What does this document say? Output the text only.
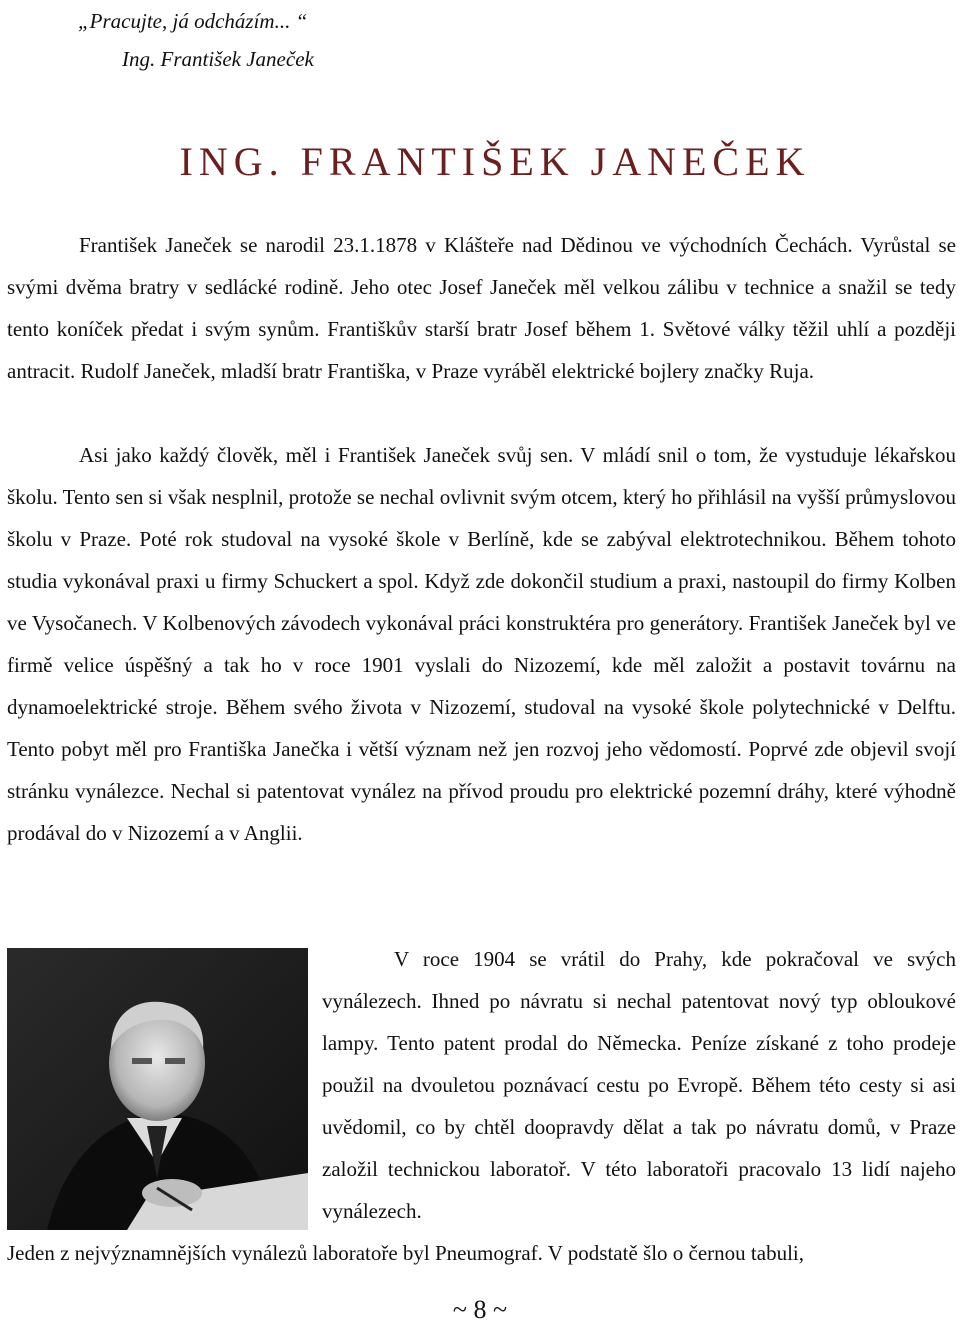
„Pracujte, já odcházím... “
Ing. František Janeček
ING. FRANTIŠEK JANEČEK
František Janeček se narodil 23.1.1878 v Klášteře nad Dědinou ve východních Čechách. Vyrůstal se svými dvěma bratry v sedlácké rodině. Jeho otec Josef Janeček měl velkou zálibu v technice a snažil se tedy tento koníček předat i svým synům. Františkův starší bratr Josef během 1. Světové války těžil uhlí a později antracit. Rudolf Janeček, mladší bratr Františka, v Praze vyráběl elektrické bojlery značky Ruja.
Asi jako každý člověk, měl i František Janeček svůj sen. V mládí snil o tom, že vystuduje lékařskou školu. Tento sen si však nesplnil, protože se nechal ovlivnit svým otcem, který ho přihlásil na vyšší průmyslovou školu v Praze. Poté rok studoval na vysoké škole v Berlíně, kde se zabýval elektrotechnikou. Během tohoto studia vykonával praxi u firmy Schuckert a spol. Když zde dokončil studium a praxi, nastoupil do firmy Kolben ve Vysočanech. V Kolbenových závodech vykonával práci konstruktéra pro generátory. František Janeček byl ve firmě velice úspěšný a tak ho v roce 1901 vyslali do Nizozemí, kde měl založit a postavit továrnu na dynamoelektrické stroje. Během svého života v Nizozemí, studoval na vysoké škole polytechnické v Delftu. Tento pobyt měl pro Františka Janečka i větší význam než jen rozvoj jeho vědomostí. Poprvé zde objevil svojí stránku vynálezce. Nechal si patentovat vynález na přívod proudu pro elektrické pozemní dráhy, které výhodně prodával do v Nizozemí a v Anglii.
V roce 1904 se vrátil do Prahy, kde pokračoval ve svých vynálezech. Ihned po návratu si nechal patentovat nový typ obloukové lampy. Tento patent prodal do Německa. Peníze získané z toho prodeje použil na dvouletou poznávací cestu po Evropě. Během této cesty si asi uvědomil, co by chtěl doopravdy dělat a tak po návratu domů, v Praze založil technickou laboratoř. V této laboratoři pracovalo 13 lidí najeho vynálezech.
Jeden z nejvýznamnějších vynálezů laboratoře byl Pneumograf. V podstatě šlo o černou tabuli,
~ 8 ~
